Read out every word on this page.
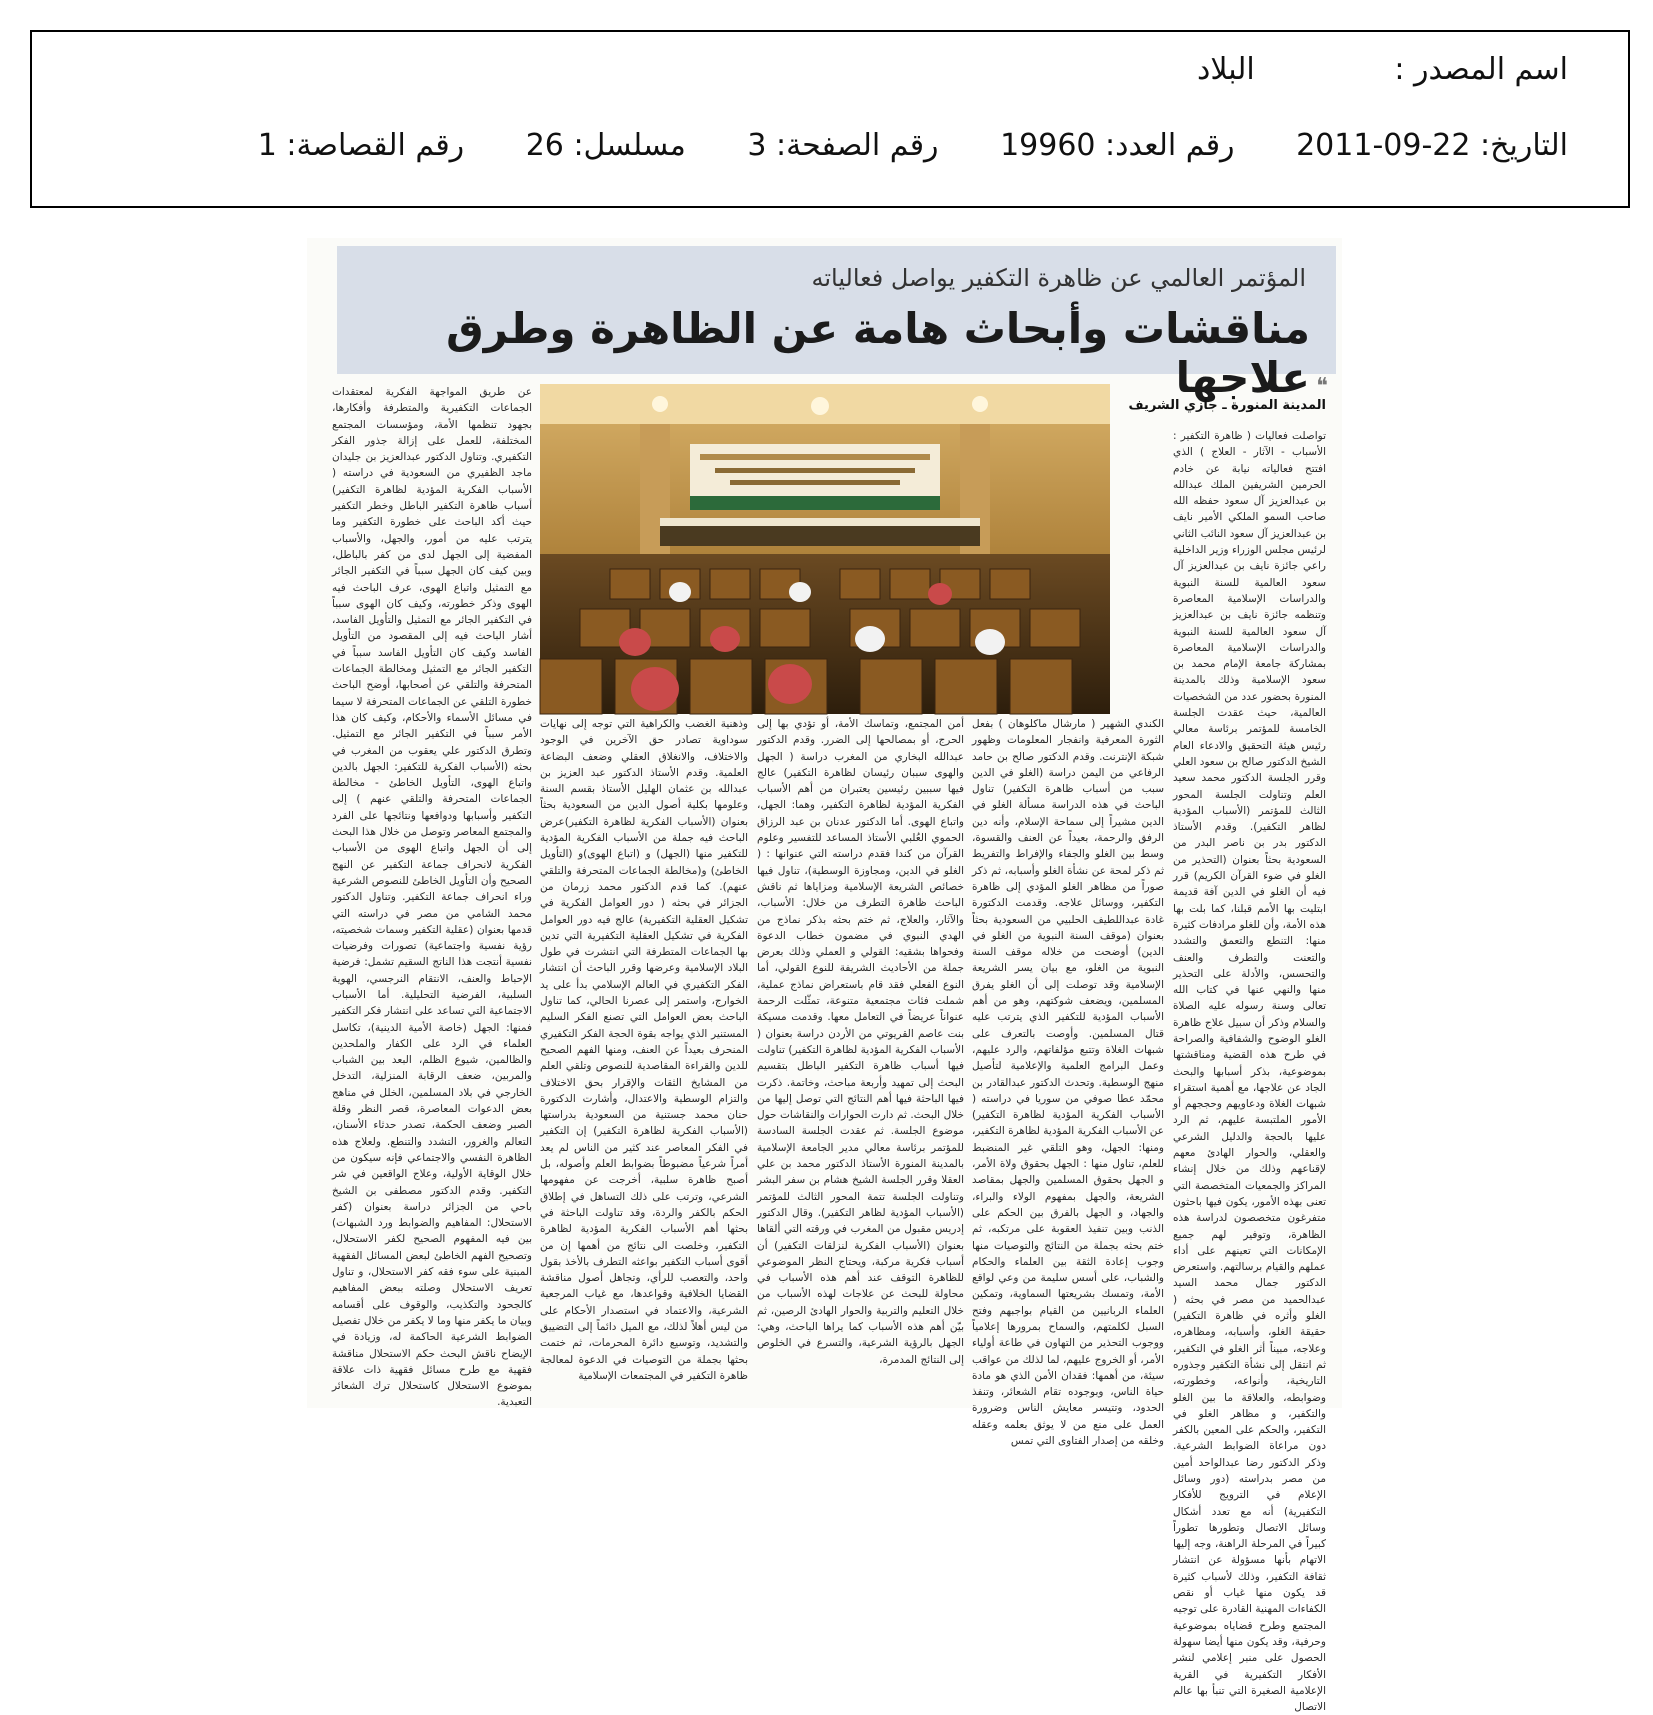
اسم المصدر : البلاد
التاريخ: 22-09-2011 رقم العدد: 19960 رقم الصفحة: 3 مسلسل: 26 رقم القصاصة: 1
المؤتمر العالمي عن ظاهرة التكفير يواصل فعالياته
مناقشات وأبحاث هامة عن الظاهرة وطرق علاجها ❝
المدينة المنورة ـ جازي الشريف

تواصلت فعاليات ( ظاهرة التكفير : الأسباب - الآثار - العلاج ) الذي افتتح فعالياته نيابة عن خادم الحرمين الشريفين الملك عبدالله بن عبدالعزيز آل سعود حفظه الله صاحب السمو الملكي الأمير نايف بن عبدالعزيز آل سعود النائب الثاني لرئيس مجلس الوزراء وزير الداخلية راعي جائزة نايف بن عبدالعزيز آل سعود العالمية للسنة النبوية والدراسات الإسلامية المعاصرة وتنظمه جائزة نايف بن عبدالعزيز آل سعود العالمية للسنة النبوية والدراسات الإسلامية المعاصرة بمشاركة جامعة الإمام محمد بن سعود الإسلامية وذلك بالمدينة المنورة بحضور عدد من الشخصيات العالمية، حيث عقدت الجلسة الخامسة للمؤتمر برئاسة معالي رئيس هيئة التحقيق والادعاء العام الشيخ الدكتور صالح بن سعود العلي وقرر الجلسة الدكتور محمد سعيد العلم وتناولت الجلسة المحور الثالث للمؤتمر (الأسباب المؤدية لظاهر التكفير). وقدم الأستاذ الدكتور بدر بن ناصر البدر من السعودية بحثاً بعنوان (التحذير من الغلو في ضوء القرآن الكريم) قرر فيه أن الغلو في الدين آفة قديمة ابتليت بها الأمم قبلنا، كما بلت بها هذه الأمة، وأن للغلو مرادفات كثيرة منها: التنطع والتعمق والتشدد والتعنت والتطرف والعنف والتحسس، والأدلة على التحذير منها والنهي عنها في كتاب الله تعالى وسنة رسوله عليه الصلاة والسلام وذكر أن سبيل علاج ظاهرة الغلو الوضوح والشفافية والصراحة في طرح هذه القضية ومناقشتها بموضوعية، بذكر أسبابها والبحث الجاد عن علاجها، مع أهمية استقراء شبهات الغلاة ودعاويهم وحججهم أو الأمور الملتبسة عليهم، ثم الرد عليها بالحجة والدليل الشرعي والعقلي، والحوار الهادئ معهم لإقناعهم وذلك من خلال إنشاء المراكز والجمعيات المتخصصة التي تعنى بهذه الأمور، يكون فيها باحثون متفرغون متخصصون لدراسة هذه الظاهرة، وتوفير لهم جميع الإمكانات التي تعينهم على أداء عملهم والقيام برسالتهم. واستعرض الدكتور جمال محمد السيد عبدالحميد من مصر في بحثه ( الغلو وأثره في ظاهرة التكفير) حقيقة الغلو، وأسبابه، ومظاهره، وعلاجه، مبيناً أثر الغلو في التكفير، ثم انتقل إلى نشأة التكفير وجذوره التاريخية، وأنواعه، وخطورته، وضوابطه، والعلاقة ما بين الغلو والتكفير، و مظاهر الغلو في التكفير، والحكم على المعين بالكفر دون مراعاة الضوابط الشرعية. وذكر الدكتور رضا عبدالواحد أمين من مصر بدراسته (دور وسائل الإعلام في الترويج للأفكار التكفيرية) أنه مع تعدد أشكال وسائل الاتصال وتطورها تطوراً كبيراً في المرحلة الراهنة، وجه إليها الاتهام بأنها مسؤولة عن انتشار ثقافة التكفير، وذلك لأسباب كثيرة قد يكون منها غياب أو نقص الكفاءات المهنية القادرة على توجيه المجتمع وطرح قضاياه بموضوعية وحرفية، وقد يكون منها أيضا سهولة الحصول على منبر إعلامي لنشر الأفكار التكفيرية في القرية الإعلامية الصغيرة التي تنبأ بها عالم الاتصال

الكندي الشهير ( مارشال ماكلوهان ) بفعل الثورة المعرفية وانفجار المعلومات وظهور شبكة الإنترنت. وقدم الدكتور صالح بن حامد الرفاعي من اليمن دراسة (الغلو في الدين سبب من أسباب ظاهرة التكفير) تناول الباحث في هذه الدراسة مسألة الغلو في الدين مشيراً إلى سماحة الإسلام، وأنه دين الرفق والرحمة، بعيداً عن العنف والقسوة، وسط بين الغلو والجفاء والإفراط والتفريط ثم ذكر لمحة عن نشأة الغلو وأسبابه، ثم ذكر صوراً من مظاهر الغلو المؤدي إلى ظاهرة التكفير، ووسائل علاجه. وقدمت الدكتورة غادة عبداللطيف الحلبيي من السعودية بحثاً بعنوان (موقف السنة النبوية من الغلو في الدين) أوضحت من خلاله موقف السنة النبوية من الغلو، مع بيان يسر الشريعة الإسلامية وقد توصلت إلى أن الغلو يفرق المسلمين، ويضعف شوكتهم، وهو من أهم الأسباب المؤدية للتكفير الذي يترتب عليه قتال المسلمين. وأوصت بالتعرف على شبهات الغلاة وتتبع مؤلفاتهم، والرد عليهم، وعمل البرامج العلمية والإعلامية لتأصيل منهج الوسطية. وتحدث الدكتور عبدالقادر بن محمّد عطا صوفي من سوريا في دراسته ( الأسباب الفكرية المؤدية لظاهرة التكفير) عن الأسباب الفكرية المؤدية لظاهرة التكفير، ومنها: الجهل، وهو التلقي غير المنضبط للعلم، تناول منها : الجهل بحقوق ولاة الأمر، و الجهل بحقوق المسلمين والجهل بمقاصد الشريعة، والجهل بمفهوم الولاء والبراء، والجهاد، و الجهل بالفرق بين الحكم على الذنب وبين تنفيذ العقوبة على مرتكبه، ثم ختم بحثه بجملة من النتائج والتوصيات منها وجوب إعادة الثقة بين العلماء والحكام والشباب، على أسس سليمة من وعي لواقع الأمة، وتمسك بشريعتها السماوية، وتمكين العلماء الربانيين من القيام بواجبهم وفتح السبل لكلمتهم، والسماح بمرورها إعلامياً ووجوب التحذير من التهاون في طاعة أولياء الأمر، أو الخروج عليهم، لما لذلك من عواقب سيئة، من أهمها: فقدان الأمن الذي هو مادة حياة الناس، وبوجوده تقام الشعائر، وتنفذ الحدود، وتتيسر معايش الناس وضرورة العمل على منع من لا يوثق بعلمه وعقله وخلقه من إصدار الفتاوى التي تمس

أمن المجتمع، وتماسك الأمة، أو تؤدي بها إلى الحرج، أو بمصالحها إلى الضرر. وقدم الدكتور عبدالله البخاري من المغرب دراسة ( الجهل والهوى سببان رئيسان لظاهرة التكفير) عالج فيها سببين رئيسين يعتبران من أهم الأسباب الفكرية المؤدية لظاهرة التكفير، وهما: الجهل، واتباع الهوى. أما الدكتور عدنان بن عبد الرزاق الحموي العُلبي الأستاذ المساعد للتفسير وعلوم القرآن من كندا فقدم دراسته التي عنوانها : ( الغلو في الدين، ومجاوزة الوسطية)، تناول فيها خصائص الشريعة الإسلامية ومزاياها ثم ناقش الباحث ظاهرة التطرف من خلال: الأسباب، والآثار، والعلاج، ثم ختم بحثه بذكر نماذج من الهدي النبوي في مضمون خطاب الدعوة وفحواها بشقيه: القولي و العملي وذلك بعرض جملة من الأحاديث الشريفة للنوع القولي، أما النوع الفعلي فقد قام باستعراض نماذج عملية، شملت فئات مجتمعية متنوعة، تمثّلت الرحمة عنواناً عريضاً في التعامل معها. وقدمت مسيكة بنت عاصم القريوتي من الأردن دراسة بعنوان ( الأسباب الفكرية المؤدية لظاهرة التكفير) تناولت فيها أسباب ظاهرة التكفير الباطل بتقسيم البحث إلى تمهيد وأربعة مباحث، وخاتمة. ذكرت فيها الباحثة فيها أهم النتائج التي توصل إليها من خلال البحث. ثم دارت الحوارات والنقاشات حول موضوع الجلسة. ثم عقدت الجلسة السادسة للمؤتمر برئاسة معالي مدير الجامعة الإسلامية بالمدينة المنورة الأستاذ الدكتور محمد بن علي العقلا وقرر الجلسة الشيخ هشام بن سفر البشر وتناولت الجلسة تتمة المحور الثالث للمؤتمر (الأسباب المؤدية لظاهر التكفير). وقال الدكتور إدريس مقبول من المغرب في ورقته التي ألقاها بعنوان (الأسباب الفكرية لنزلقات التكفير) أن أسباب فكرية مركبة، ويحتاج النظر الموضوعي للظاهرة التوقف عند أهم هذه الأسباب في محاولة للبحث عن علاجات لهذه الأسباب من خلال التعليم والتربية والحوار الهادئ الرصين، ثم بيّن أهم هذه الأسباب كما يراها الباحث، وهي: الجهل بالرؤية الشرعية، والتسرع في الخلوص إلى النتائج المدمرة،

وذهنية الغضب والكراهية التي توجه إلى نهايات سوداوية تصادر حق الآخرين في الوجود والاختلاف، والانغلاق العقلي وضعف البضاعة العلمية. وقدم الأستاذ الدكتور عبد العزيز بن عبدالله بن عثمان الهليل الأستاذ بقسم السنة وعلومها بكلية أصول الدين من السعودية بحثاً بعنوان (الأسباب الفكرية لظاهرة التكفير)عرض الباحث فيه جملة من الأسباب الفكرية المؤدية للتكفير منها (الجهل) و (اتباع الهوى)و (التأويل الخاطئ) و(مخالطة الجماعات المتحرفة والتلقي عنهم). كما قدم الدكتور محمد زرمان من الجزائر في بحثه ( دور العوامل الفكرية في تشكيل العقلية التكفيرية) عالج فيه دور العوامل الفكرية في تشكيل العقلية التكفيرية التي تدين بها الجماعات المتطرفة التي انتشرت في طول البلاد الإسلامية وعرضها وقرر الباحث أن انتشار الفكر التكفيري في العالم الإسلامي بدأ على يد الخوارج، واستمر إلى عصرنا الحالي، كما تناول الباحث بعض العوامل التي تصنع الفكر السليم المستنير الذي يواجه بقوة الحجة الفكر التكفيري المنحرف بعيداً عن العنف، ومنها الفهم الصحيح للدين والقراءة المقاصدية للنصوص وتلقي العلم من المشايخ الثقات والإقرار بحق الاختلاف والتزام الوسطية والاعتدال، وأشارت الدكتورة حنان محمد جستنية من السعودية بدراستها (الأسباب الفكرية لظاهرة التكفير) إن التكفير في الفكر المعاصر عند كثير من الناس لم يعد أمراً شرعياً مضبوطاً بضوابط العلم وأصوله، بل أصبح ظاهرة سلبية، أخرجت عن مفهومها الشرعي، وترتب على ذلك التساهل في إطلاق الحكم بالكفر والردة، وقد تناولت الباحثة في بحثها أهم الأسباب الفكرية المؤدية لظاهرة التكفير، وخلصت الى نتائج من أهمها إن من أقوى أسباب التكفير بواعثه التطرف بالأخذ بقول واحد، والتعصب للرأي، وتجاهل أصول مناقشة القضايا الخلافية وقواعدها، مع غياب المرجعية الشرعية، والاعتماد في استصدار الأحكام على من ليس أهلاً لذلك، مع الميل دائماً إلى التضييق والتشديد، وتوسيع دائرة المحرمات، ثم ختمت بحثها بجملة من التوصيات في الدعوة لمعالجة ظاهرة التكفير في المجتمعات الإسلامية

عن طريق المواجهة الفكرية لمعتقدات الجماعات التكفيرية والمتطرفة وأفكارها، بجهود تنظمها الأمة، ومؤسسات المجتمع المختلفة، للعمل على إزالة جذور الفكر التكفيري. وتناول الدكتور عبدالعزيز بن جليدان ماجد الظفيري من السعودية في دراسته ( الأسباب الفكرية المؤدية لظاهرة التكفير) أسباب ظاهرة التكفير الباطل وخطر التكفير حيث أكد الباحث على خطورة التكفير وما يترتب عليه من أمور، والجهل، والأسباب المفضية إلى الجهل لدى من كفر بالباطل، وبين كيف كان الجهل سبباً في التكفير الجائر مع التمثيل واتباع الهوى، عرف الباحث فيه الهوى وذكر خطورته، وكيف كان الهوى سبباً في التكفير الجائر مع التمثيل والتأويل الفاسد، أشار الباحث فيه إلى المقصود من التأويل الفاسد وكيف كان التأويل الفاسد سبباً في التكفير الجائر مع التمثيل ومخالطة الجماعات المتحرفة والتلقي عن أصحابها، أوضح الباحث خطورة التلقي عن الجماعات المتحرفة لا سيما في مسائل الأسماء والأحكام، وكيف كان هذا الأمر سبباً في التكفير الجائر مع التمثيل. وتطرق الدكتور علي يعقوب من المغرب في بحثه (الأسباب الفكرية للتكفير: الجهل بالدين واتباع الهوى، التأويل الخاطئ - مخالطة الجماعات المتحرفة والتلقي عنهم ) إلى التكفير وأسبابها ودوافعها ونتائجها على الفرد والمجتمع المعاصر وتوصل من خلال هذا البحث إلى أن الجهل واتباع الهوى من الأسباب الفكرية لانحراف جماعة التكفير عن النهج الصحيح وأن التأويل الخاطئ للنصوص الشرعية وراء انحراف جماعة التكفير. وتناول الدكتور محمد الشامي من مصر في دراسته التي قدمها بعنوان (عقلية التكفير وسمات شخصيته، رؤية نفسية واجتماعية) تصورات وفرضيات نفسية أنتجت هذا الناتج السقيم تشمل: فرضية الإحباط والعنف، الانتقام النرجسي، الهوية السلبية، الفرضية التحليلية. أما الأسباب الاجتماعية التي تساعد على انتشار فكر التكفير فمنها: الجهل (خاصة الأمية الدينية)، تكاسل العلماء في الرد على الكفار والملحدين والظالمين، شيوع الظلم، البعد بين الشباب والمربين، ضعف الرقابة المنزلية، التدخل الخارجي في بلاد المسلمين، الخلل في مناهج بعض الدعوات المعاصرة، قصر النظر وقلة الصبر وضعف الحكمة، تصدر حدثاء الأسنان، التعالم والغرور، التشدد والتنطع. ولعلاج هذه الظاهرة النفسي والاجتماعي فإنه سيكون من خلال الوقاية الأولية، وعلاج الواقعين في شر التكفير. وقدم الدكتور مصطفى بن الشيخ باحي من الجزائر دراسة بعنوان (كفر الاستحلال: المفاهيم والضوابط ورد الشبهات) بين فيه المفهوم الصحيح لكفر الاستحلال، وتصحيح الفهم الخاطئ لبعض المسائل الفقهية المبنية على سوء فقه كفر الاستحلال، و تناول تعريف الاستحلال وصلته ببعض المفاهيم كالجحود والتكذيب، والوقوف على أقسامه وبيان ما يكفر منها وما لا يكفر من خلال تفصيل الضوابط الشرعية الحاكمة له، وزيادة في الإيضاح ناقش البحث حكم الاستحلال مناقشة فقهية مع طرح مسائل فقهية ذات علاقة بموضوع الاستحلال كاستحلال ترك الشعائر التعبدية.
